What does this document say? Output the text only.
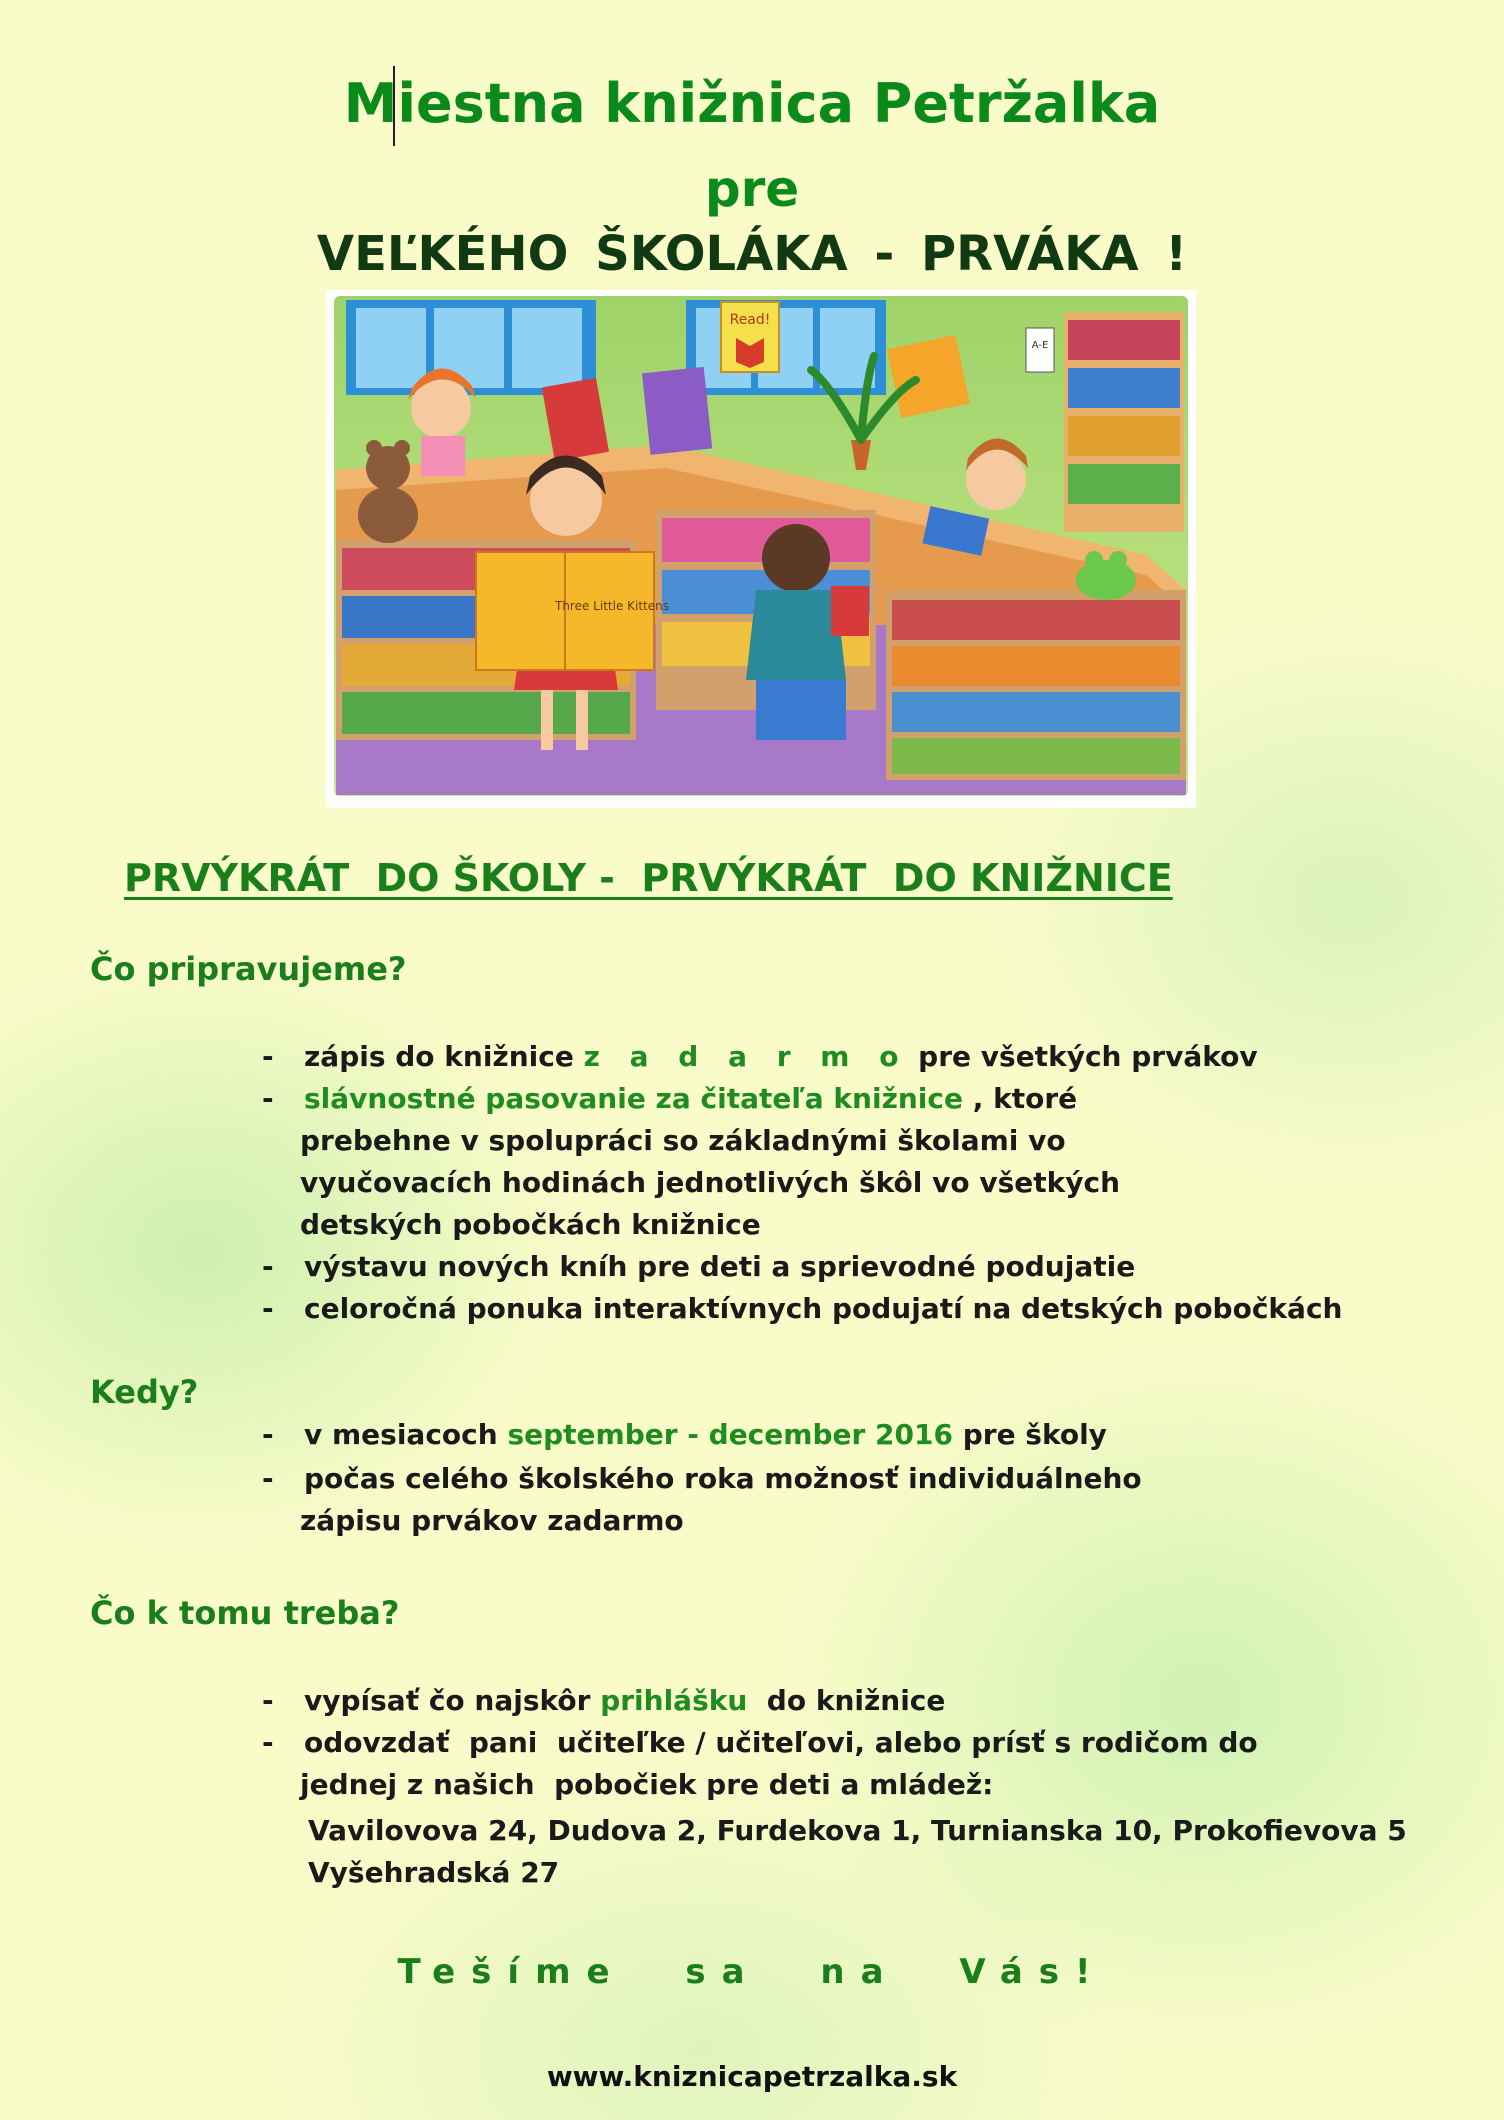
Miestna knižnica Petržalka
pre
VEĽKÉHO ŠKOLÁKA - PRVÁKA !
Read!
A-E
Three Little Kittens
PRVÝKRÁT  DO ŠKOLY -  PRVÝKRÁT  DO KNIŽNICE
Čo pripravujeme?
- zápis do knižnice z a d a r m o pre všetkých prvákov
- slávnostné pasovanie za čitateľa knižnice , ktoré
prebehne v spolupráci so základnými školami vo
vyučovacích hodinách jednotlivých škôl vo všetkých
detských pobočkách knižnice
- výstavu nových kníh pre deti a sprievodné podujatie
- celoročná ponuka interaktívnych podujatí na detských pobočkách
Kedy?
- v mesiacoch september - december 2016 pre školy
- počas celého školského roka možnosť individuálneho
zápisu prvákov zadarmo
Čo k tomu treba?
- vypísať čo najskôr prihlášku  do knižnice
- odovzdať  pani  učiteľke / učiteľovi, alebo prísť s rodičom do
jednej z našich  pobočiek pre deti a mládež:
Vavilovova 24, Dudova 2, Furdekova 1, Turnianska 10, Prokofievova 5
Vyšehradská 27
Tešíme sa na Vás!
www.kniznicapetrzalka.sk
